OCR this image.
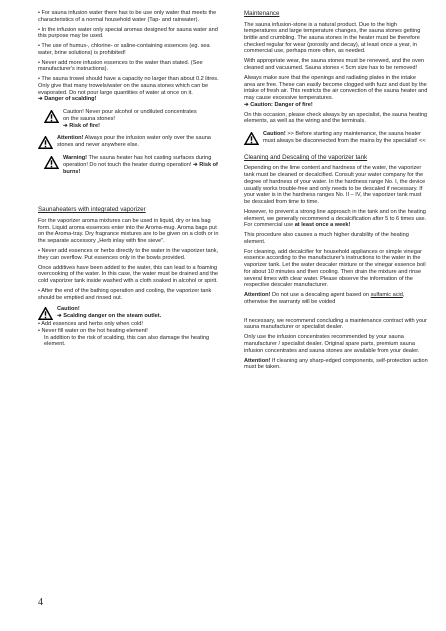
• For sauna infusion water there has to be use only water that meets the characteristics of a normal household water (Tap- and rainwater).

• In the infusion water only special aromas designed for sauna water and this purpose may be used.

• The use of humus-, chlorine- or saline-containing essences (eg. sea water, brine solutions) is prohibited!

• Never add more infusion essences to the water than stated. (See manufacturer's instructions).

• The sauna trowel should have a capacity no larger than about 0.2 litres. Only give that many trowels/water on the sauna stones which can be evaporated. Do not pour large quantities of water at once on it.
➔ Danger of scalding!

Caution! Never pour alcohol or undiluted concentrates
on the sauna stones!
➔ Risk of fire!
Attention! Always pour the infusion water only over the sauna stones and never anywhere else.
Warning! The sauna heater has hot casting surfaces during operation! Do not touch the heater during operation! ➔ Risk of burns!
Saunaheaters with integrated vaporizer

For the vaporizer aroma mixtures can be used in liquid, dry or tea bag form. Liquid aroma essences enter into the Aroma-mug. Aroma bags put on the Aroma-tray. Dry fragrance mixtures are to be given on a cloth or in the separate accessory „Herb inlay with fine sieve".

• Never add essences or herbs directly to the water in the vaporizer tank, they can overflow. Put essences only in the bowls provided.

Once additives have been added to the water, this can lead to a foaming overcooking of the water. In this case, the water must be drained and the cold vaporizer tank inside washed with a cloth soaked in alcohol or spirit.

• After the end of the bathing operation and cooling, the vaporizer tank should be emptied and rinsed out.

Caution!
➔ Scalding danger on the steam outlet.

• Add essences and herbs only when cold!

• Never fill water on the hot heating element!

In addition to the risk of scalding, this can also damage the heating element.

Maintenance

The sauna infusion-stone is a natural product. Due to the high temperatures and large temperature changes, the sauna stones getting brittle and crumbling. The sauna stones in the heater must be therefore checked regular for wear (porosity and decay), at least once a year, in commercial use, perhaps more often, as needed.

With appropriate wear, the sauna stones must be renewed, and the oven cleaned and vacuumed. Sauna stones < 5cm size has to be removed!

Always make sure that the openings and radiating plates in the intake area are free. These can easily become clogged with fuzz and dust by the intake of fresh air. This restricts the air convection of the sauna heater and may cause excessive temperatures.
➔ Caution: Danger of fire!

On this occasion, please check always by an specialist, the sauna heating elements, as well as the wiring and the terminals.

Caution! >> Before starting any maintenance, the sauna heater must always be disconnected from the mains by the specialist! <<
Cleaning and Descaling of the vaporizer tank

Depending on the lime content and hardness of the water, the vaporizer tank must be cleaned or decalcified. Consult your water company for the degree of hardness of your water. In the hardness range No. I, the device usually works trouble-free and only needs to be descaled if necessary. If your water is in the hardness ranges No. II – IV, the vaporizer tank must be descaled from time to time.

However, to prevent a strong line approach in the tank and on the heating element, we generally recommend a decalcification after 5 to 6 times use. For commercial use at least once a week!

This procedure also causes a much higher durability of the heating element.

For cleaning, add decalcifier for household appliances or simple vinegar essence according to the manufacturer's instructions to the water in the vaporizer tank. Let the water descaler mixture or the vinegar essence boil for about 10 minutes and then cooling. Then drain the mixture and rinse several times with clear water. Please observe the information of the respective descaler manufacturer.

Attention! Do not use a descaling agent based on sulfamic acid, otherwise the warranty will be voided

If necessary, we recommend concluding a maintenance contract with your sauna manufacturer or specialist dealer.

Only use the infusion concentrates recommended by your sauna manufacturer / specialist dealer. Original spare parts, premium sauna infusion concentrates and sauna stones are available from your dealer.

Attention! If cleaning any sharp-edged components, self-protection action must be taken.

4
